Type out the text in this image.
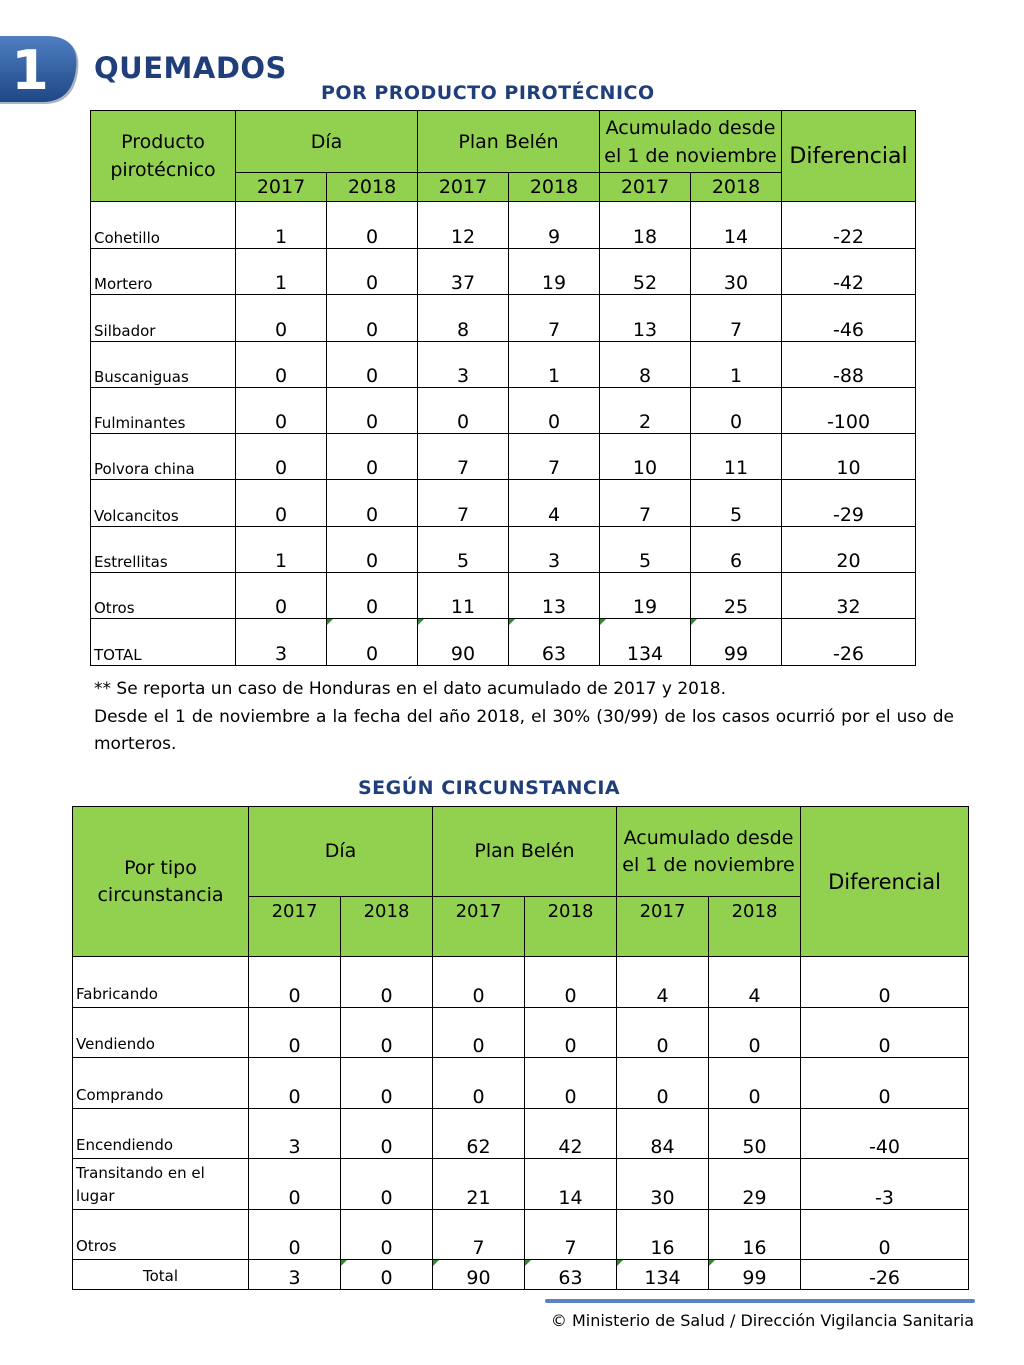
1 QUEMADOS
POR PRODUCTO PIROTÉCNICO
Producto pirotécnico	Día		Plan Belén		Acumulado desde el 1 de noviembre		Diferencial
	2017	2018	2017	2018	2017	2018	
Cohetillo	1	0	12	9	18	14	-22
Mortero	1	0	37	19	52	30	-42
Silbador	0	0	8	7	13	7	-46
Buscaniguas	0	0	3	1	8	1	-88
Fulminantes	0	0	0	0	2	0	-100
Polvora china	0	0	7	7	10	11	10
Volcancitos	0	0	7	4	7	5	-29
Estrellitas	1	0	5	3	5	6	20
Otros	0	0	11	13	19	25	32
TOTAL	3	0	90	63	134	99	-26

** Se reporta un caso de Honduras en el dato acumulado de 2017 y 2018.

Desde el 1 de noviembre a la fecha del año 2018, el 30% (30/99) de los casos ocurrió por el uso de morteros.

SEGÚN CIRCUNSTANCIA
Por tipo circunstancia	Día		Plan Belén		Acumulado desde el 1 de noviembre		Diferencial
	2017	2018	2017	2018	2017	2018	
Fabricando	0	0	0	0	4	4	0
Vendiendo	0	0	0	0	0	0	0
Comprando	0	0	0	0	0	0	0
Encendiendo	3	0	62	42	84	50	-40
Transitando en el lugar	0	0	21	14	30	29	-3
Otros	0	0	7	7	16	16	0
Total	3	0	90	63	134	99	-26
© Ministerio de Salud / Dirección Vigilancia Sanitaria
